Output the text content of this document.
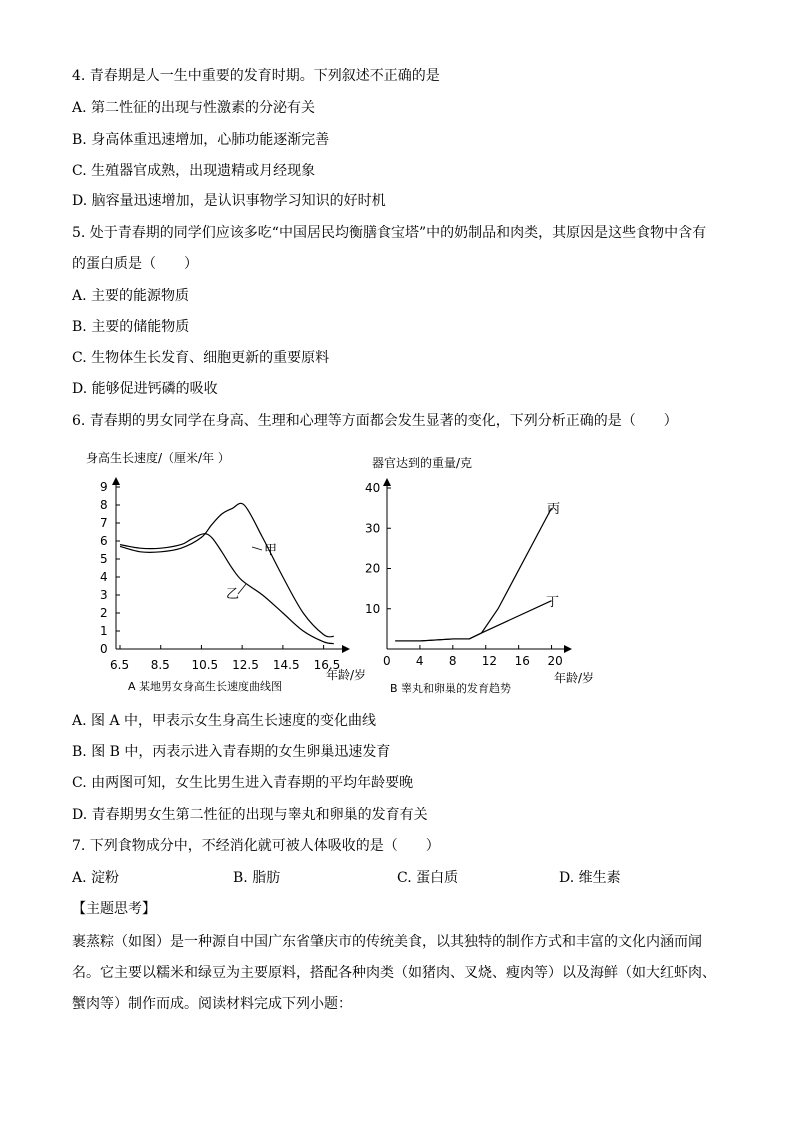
4. 青春期是人一生中重要的发育时期。下列叙述不正确的是
A. 第二性征的出现与性激素的分泌有关
B. 身高体重迅速增加，心肺功能逐渐完善
C. 生殖器官成熟，出现遗精或月经现象
D. 脑容量迅速增加，是认识事物学习知识的好时机
5. 处于青春期的同学们应该多吃“中国居民均衡膳食宝塔”中的奶制品和肉类，其原因是这些食物中含有
的蛋白质是（　　）
A. 主要的能源物质
B. 主要的储能物质
C. 生物体生长发育、细胞更新的重要原料
D. 能够促进钙磷的吸收
6. 青春期的男女同学在身高、生理和心理等方面都会发生显著的变化，下列分析正确的是（　　）
身高生长速度/（厘米/年 ）
0
1
2
3
4
5
6
7
8
9
6.5 8.5 10.5 12.5 14.5 16.5
甲
乙
年龄/岁
A 某地男女身高生长速度曲线图
器官达到的重量/克
10
20
30
40
0 4 8 12 16 20
丙
丁
年龄/岁
B 睾丸和卵巢的发育趋势
A. 图 A 中，甲表示女生身高生长速度的变化曲线
B. 图 B 中，丙表示进入青春期的女生卵巢迅速发育
C. 由两图可知，女生比男生进入青春期的平均年龄要晚
D. 青春期男女生第二性征的出现与睾丸和卵巢的发育有关
7. 下列食物成分中，不经消化就可被人体吸收的是（　　）
A. 淀粉	B. 脂肪	C. 蛋白质	D. 维生素
【主题思考】
裹蒸粽（如图）是一种源自中国广东省肇庆市的传统美食，以其独特的制作方式和丰富的文化内涵而闻
名。它主要以糯米和绿豆为主要原料，搭配各种肉类（如猪肉、叉烧、瘦肉等）以及海鲜（如大红虾肉、
蟹肉等）制作而成。阅读材料完成下列小题：
